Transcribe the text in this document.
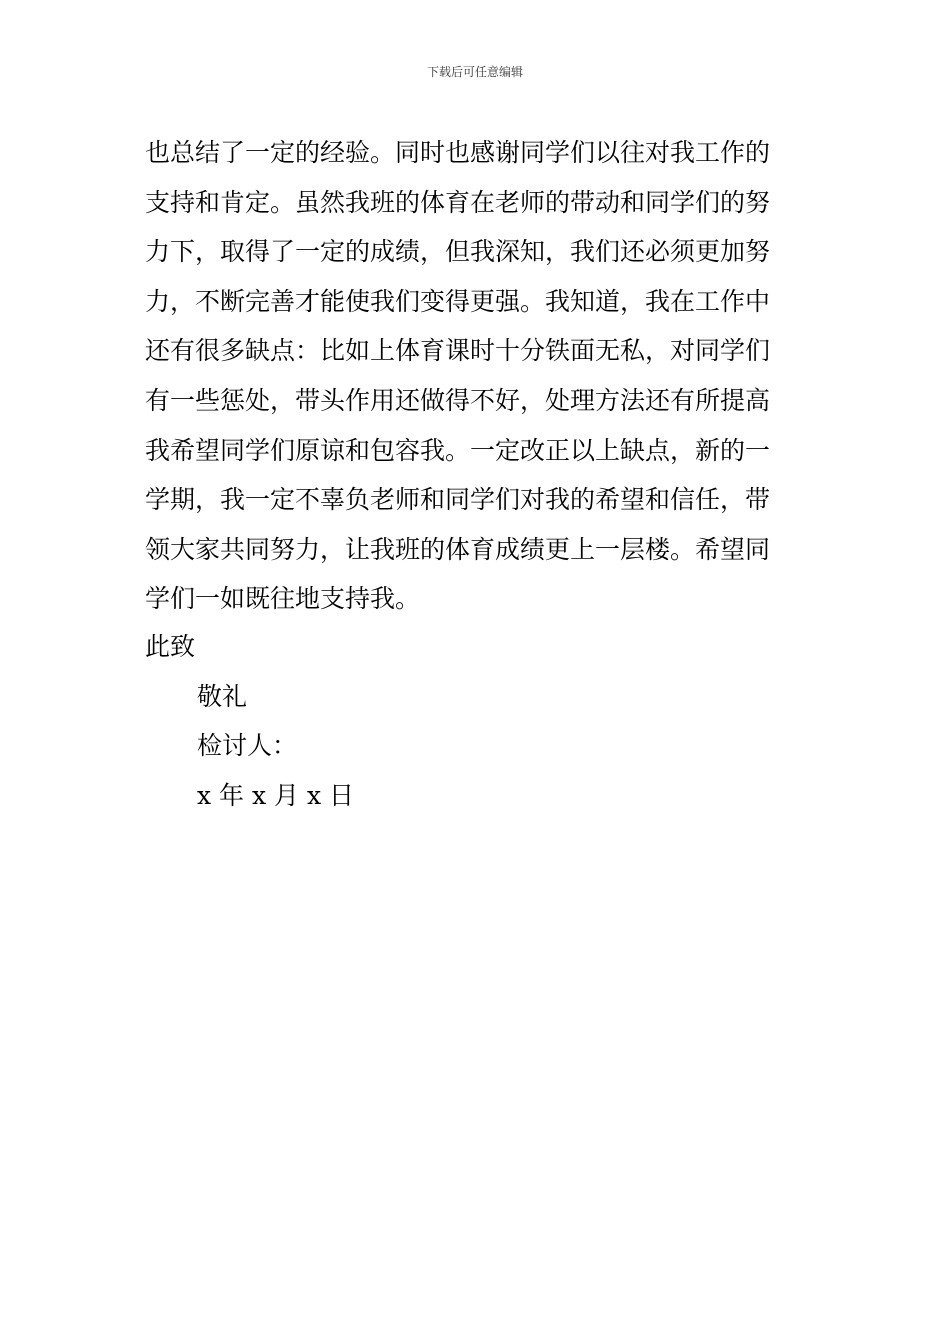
下载后可任意编辑
也总结了一定的经验。同时也感谢同学们以往对我工作的
支持和肯定。虽然我班的体育在老师的带动和同学们的努
力下，取得了一定的成绩，但我深知，我们还必须更加努
力，不断完善才能使我们变得更强。我知道，我在工作中
还有很多缺点：比如上体育课时十分铁面无私，对同学们
有一些惩处，带头作用还做得不好，处理方法还有所提高
我希望同学们原谅和包容我。一定改正以上缺点，新的一
学期，我一定不辜负老师和同学们对我的希望和信任，带
领大家共同努力，让我班的体育成绩更上一层楼。希望同
学们一如既往地支持我。
此致
敬礼
检讨人：
x 年 x 月 x 日
